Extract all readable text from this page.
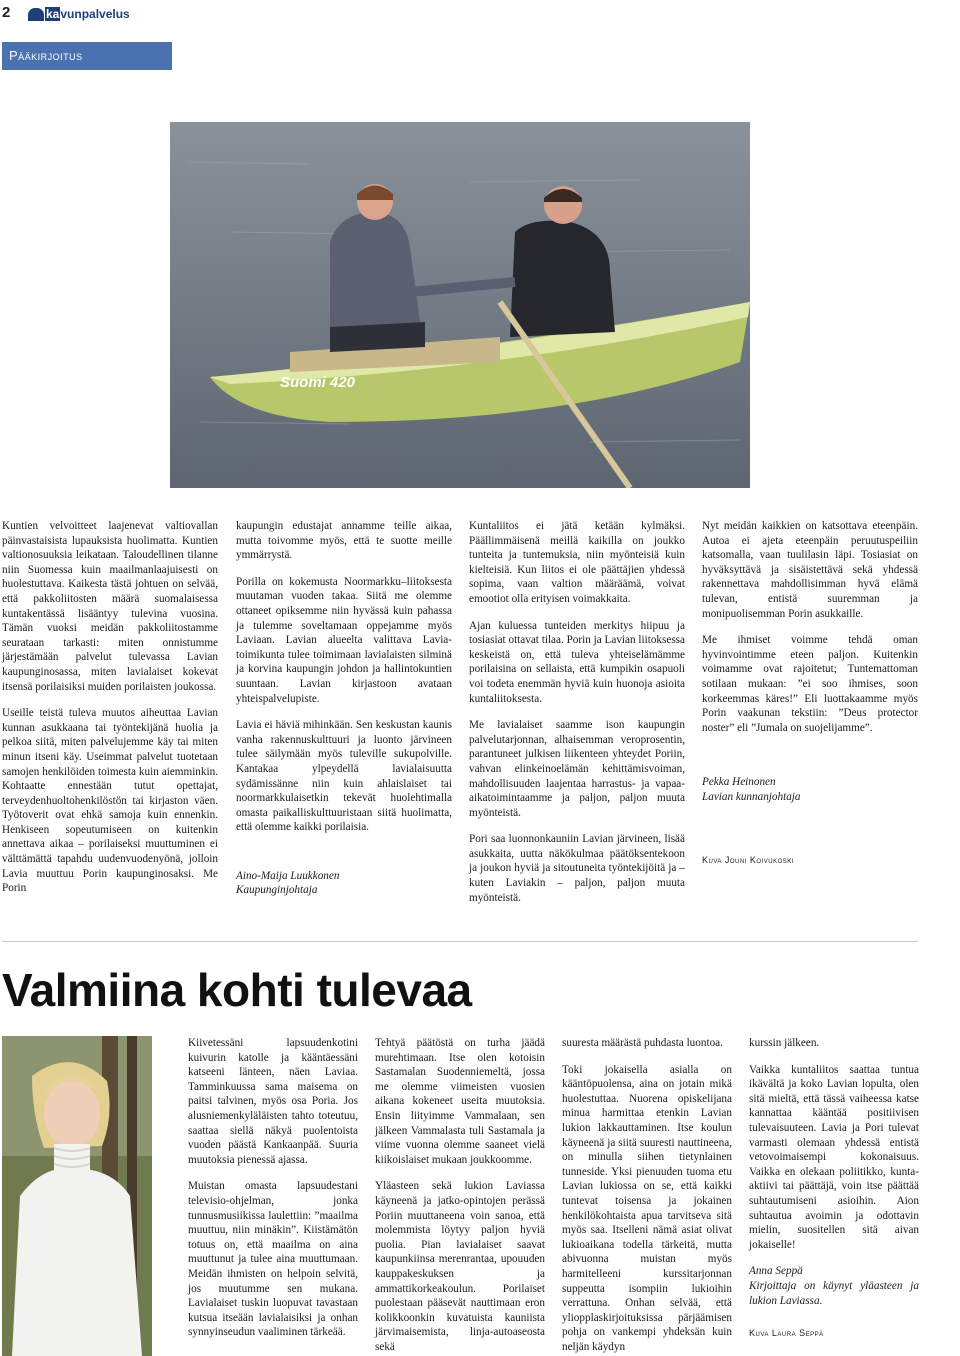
2	kavunpalvelus
Pääkirjoitus
Suomi 420

Kuntien velvoitteet laajenevat valtiovallan päinvastaisista lupauksista huolimatta. Kuntien valtionosuuksia leikataan. Taloudellinen tilanne niin Suomessa kuin maailmanlaajuisesti on huolestuttava. Kaikesta tästä johtuen on selvää, että pakkoliitosten määrä suomalaisessa kuntakentässä lisääntyy tulevina vuosina. Tämän vuoksi meidän pakkoliitostamme seurataan tarkasti: miten onnistumme järjestämään palvelut tulevassa Lavian kaupunginosassa, miten lavialaiset kokevat itsensä porilaisiksi muiden porilaisten joukossa.

Useille teistä tuleva muutos aiheuttaa Lavian kunnan asukkaana tai työntekijänä huolia ja pelkoa siitä, miten palvelujemme käy tai miten minun itseni käy. Useimmat palvelut tuotetaan samojen henkilöiden toimesta kuin aiemminkin. Kohtaatte ennestään tutut opettajat, terveydenhuoltohenkilöstön tai kirjaston väen. Työtoverit ovat ehkä samoja kuin ennenkin. Henkiseen sopeutumiseen on kuitenkin annettava aikaa – porilaiseksi muuttuminen ei välttämättä tapahdu uudenvuodenyönä, jolloin Lavia muuttuu Porin kaupunginosaksi. Me Porin

kaupungin edustajat annamme teille aikaa, mutta toivomme myös, että te suotte meille ymmärrystä.

Porilla on kokemusta Noormarkku–liitoksesta muutaman vuoden takaa. Siitä me olemme ottaneet opiksemme niin hyvässä kuin pahassa ja tulemme soveltamaan oppejamme myös Laviaan. Lavian alueelta valittava Lavia-toimikunta tulee toimimaan lavialaisten silminä ja korvina kaupungin johdon ja hallintokuntien suuntaan. Lavian kirjastoon avataan yhteispalvelupiste.

Lavia ei häviä mihinkään. Sen keskustan kaunis vanha rakennuskulttuuri ja luonto järvineen tulee säilymään myös tuleville sukupolville. Kantakaa ylpeydellä lavialaisuutta sydämissänne niin kuin ahlaislaiset tai noormarkkulaisetkin tekevät huolehtimalla omasta paikalliskulttuuristaan siitä huolimatta, että olemme kaikki porilaisia.

Aino-Maija Luukkonen

Kaupunginjohtaja

Kuntaliitos ei jätä ketään kylmäksi. Päällimmäisenä meillä kaikilla on joukko tunteita ja tuntemuksia, niin myönteisiä kuin kielteisiä. Kun liitos ei ole päättäjien yhdessä sopima, vaan valtion määräämä, voivat emootiot olla erityisen voimakkaita.

Ajan kuluessa tunteiden merkitys hiipuu ja tosiasiat ottavat tilaa. Porin ja Lavian liitoksessa keskeistä on, että tuleva yhteiselämämme porilaisina on sellaista, että kumpikin osapuoli voi todeta enemmän hyviä kuin huonoja asioita kuntaliitoksesta.

Me lavialaiset saamme ison kaupungin palvelutarjonnan, alhaisemman veroprosentin, parantuneet julkisen liikenteen yhteydet Poriin, vahvan elinkeinoelämän kehittämisvoiman, mahdollisuuden laajentaa harrastus- ja vapaa-aikatoimintaamme ja paljon, paljon muuta myönteistä.

Pori saa luonnonkauniin Lavian järvineen, lisää asukkaita, uutta näkökulmaa päätöksentekoon ja joukon hyviä ja sitoutuneita työntekijöitä ja – kuten Laviakin – paljon, paljon muuta myönteistä.

Nyt meidän kaikkien on katsottava eteenpäin. Autoa ei ajeta eteenpäin peruutuspeiliin katsomalla, vaan tuulilasin läpi. Tosiasiat on hyväksyttävä ja sisäistettävä sekä yhdessä rakennettava mahdollisimman hyvä elämä tulevan, entistä suuremman ja monipuolisemman Porin asukkaille.

Me ihmiset voimme tehdä oman hyvinvointimme eteen paljon. Kuitenkin voimamme ovat rajoitetut; Tuntemattoman sotilaan mukaan: ”ei soo ihmises, soon korkeemmas käres!” Eli luottakaamme myös Porin vaakunan tekstiin: ”Deus protector noster” eli ”Jumala on suojelijamme”.

Pekka Heinonen

Lavian kunnanjohtaja

Kuva Jouni Koivukoski

Valmiina kohti tulevaa

Kiivetessäni lapsuudenkotini kuivurin katolle ja kääntäessäni katseeni länteen, näen Laviaa. Tamminkuussa sama maisema on paitsi talvinen, myös osa Poria. Jos alusniemenkyläläisten tahto toteutuu, saattaa siellä näkyä puolentoista vuoden päästä Kankaanpää. Suuria muutoksia pienessä ajassa.

Muistan omasta lapsuudestani televisio-ohjelman, jonka tunnusmusiikissa laulettiin: ”maailma muuttuu, niin minäkin”. Kiistämätön totuus on, että maailma on aina muuttunut ja tulee aina muuttumaan. Meidän ihmisten on helpoin selvitä, jos muutumme sen mukana. Lavialaiset tuskin luopuvat tavastaan kutsua itseään lavialaisiksi ja onhan synnyinseudun vaaliminen tärkeää.

Tehtyä päätöstä on turha jäädä murehtimaan. Itse olen kotoisin Sastamalan Suodenniemeltä, jossa me olemme viimeisten vuosien aikana kokeneet useita muutoksia. Ensin liityimme Vammalaan, sen jälkeen Vammalasta tuli Sastamala ja viime vuonna olemme saaneet vielä kiikoislaiset mukaan joukkoomme.

Yläasteen sekä lukion Laviassa käyneenä ja jatko-opintojen perässä Poriin muuttaneena voin sanoa, että molemmista löytyy paljon hyviä puolia. Pian lavialaiset saavat kaupunkiinsa merenrantaa, upouuden kauppakeskuksen ja ammattikorkeakoulun. Porilaiset puolestaan pääsevät nauttimaan eron kolikkoonkin kuvatuista kauniista järvimaisemista, linja-autoaseosta sekä

suuresta määrästä puhdasta luontoa.

Toki jokaisella asialla on kääntöpuolensa, aina on jotain mikä huolestuttaa. Nuorena opiskelijana minua harmittaa etenkin Lavian lukion lakkauttaminen. Itse koulun käyneenä ja siitä suuresti nauttineena, on minulla siihen tietynlainen tunneside. Yksi pienuuden tuoma etu Lavian lukiossa on se, että kaikki tuntevat toisensa ja jokainen henkilökohtaista apua tarvitseva sitä myös saa. Itselleni nämä asiat olivat lukioaikana todella tärkeitä, mutta abivuonna muistan myös harmitelleeni kurssitarjonnan suppeutta isompiin lukioihin verrattuna. Onhan selvää, että yliopplaskirjoituksissa pärjäämisen pohja on vankempi yhdeksän kuin neljän käydyn

kurssin jälkeen.

Vaikka kuntaliitos saattaa tuntua ikävältä ja koko Lavian lopulta, olen sitä mieltä, että tässä vaiheessa katse kannattaa kääntää positiivisen tulevaisuuteen. Lavia ja Pori tulevat varmasti olemaan yhdessä entistä vetovoimaisempi kokonaisuus. Vaikka en olekaan poliitikko, kunta-aktiivi tai päättäjä, voin itse päättää suhtautumiseni asioihin. Aion suhtautua avoimin ja odottavin mielin, suositellen sitä aivan jokaiselle!

Anna Seppä

Kirjoittaja on käynyt yläasteen ja lukion Laviassa.

Kuva Laura Seppä
